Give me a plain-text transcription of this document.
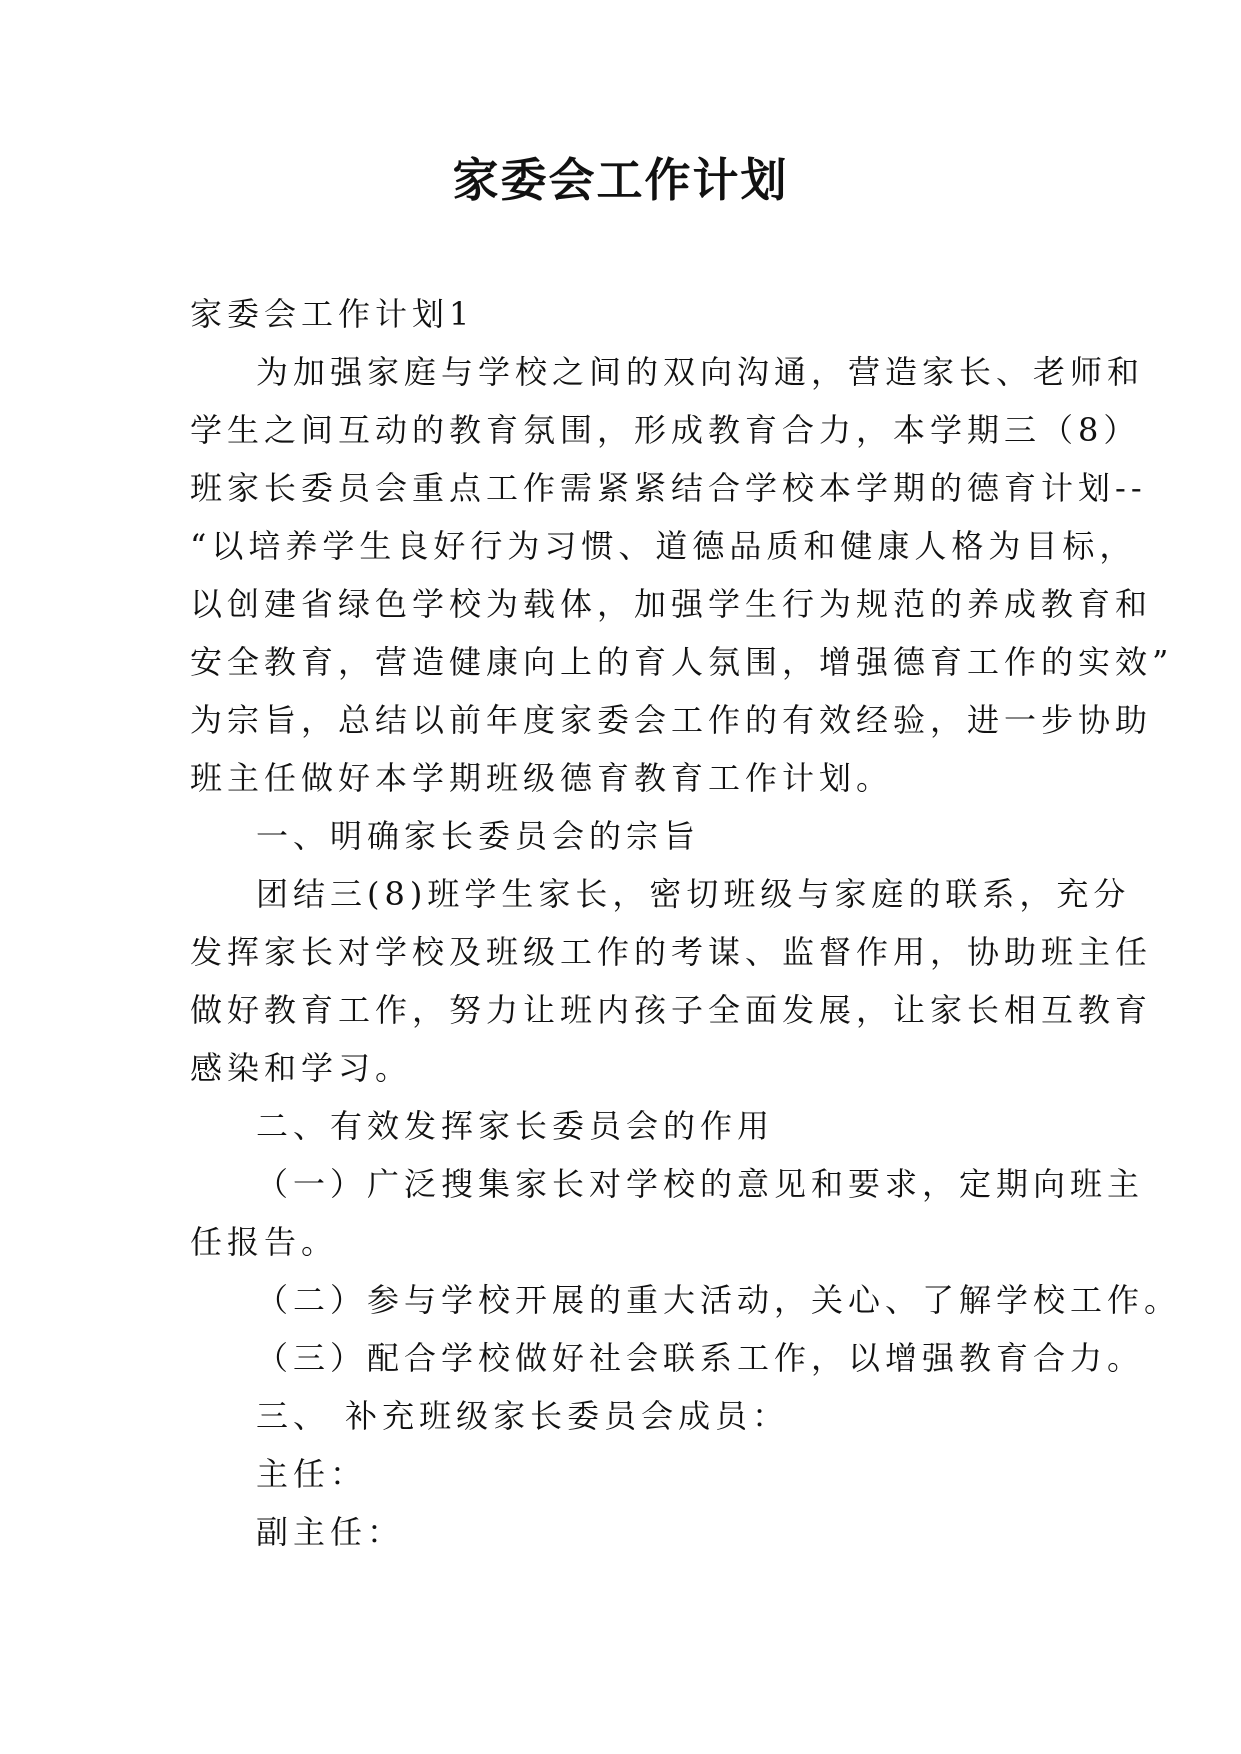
家委会工作计划
家委会工作计划1
为加强家庭与学校之间的双向沟通，营造家长、老师和
学生之间互动的教育氛围，形成教育合力，本学期三（8）
班家长委员会重点工作需紧紧结合学校本学期的德育计划--
“以培养学生良好行为习惯、道德品质和健康人格为目标，
以创建省绿色学校为载体，加强学生行为规范的养成教育和
安全教育，营造健康向上的育人氛围，增强德育工作的实效”
为宗旨，总结以前年度家委会工作的有效经验，进一步协助
班主任做好本学期班级德育教育工作计划。
一、明确家长委员会的宗旨
团结三(8)班学生家长，密切班级与家庭的联系，充分
发挥家长对学校及班级工作的考谋、监督作用，协助班主任
做好教育工作，努力让班内孩子全面发展，让家长相互教育
感染和学习。
二、有效发挥家长委员会的作用
（一）广泛搜集家长对学校的意见和要求，定期向班主
任报告。
（二）参与学校开展的重大活动，关心、了解学校工作。
（三）配合学校做好社会联系工作，以增强教育合力。
三、 补充班级家长委员会成员：
主任：
副主任：
